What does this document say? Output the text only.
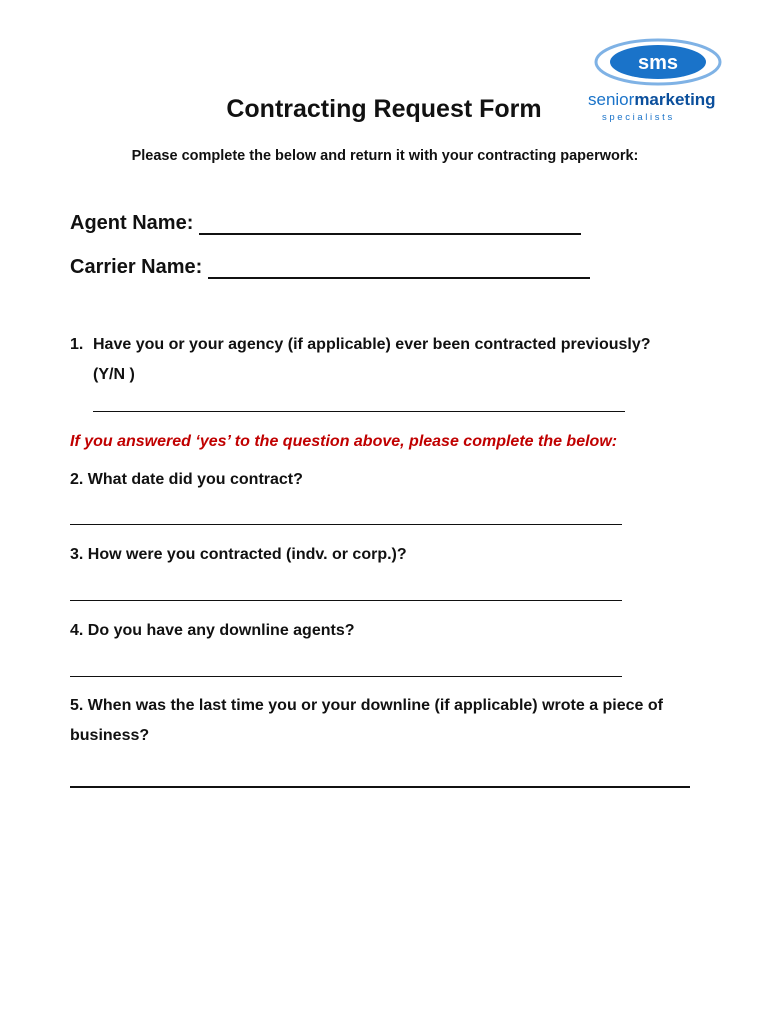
sms
seniormarketing
s p e c i a l i s t s
Contracting Request Form
Please complete the below and return it with your contracting paperwork:
Agent Name:
Carrier Name:
1. Have you or your agency (if applicable) ever been contracted previously? (Y/N )
If you answered ‘yes’ to the question above, please complete the below:
2. What date did you contract?
3. How were you contracted (indv. or corp.)?
4. Do you have any downline agents?
5. When was the last time you or your downline (if applicable) wrote a piece of business?
